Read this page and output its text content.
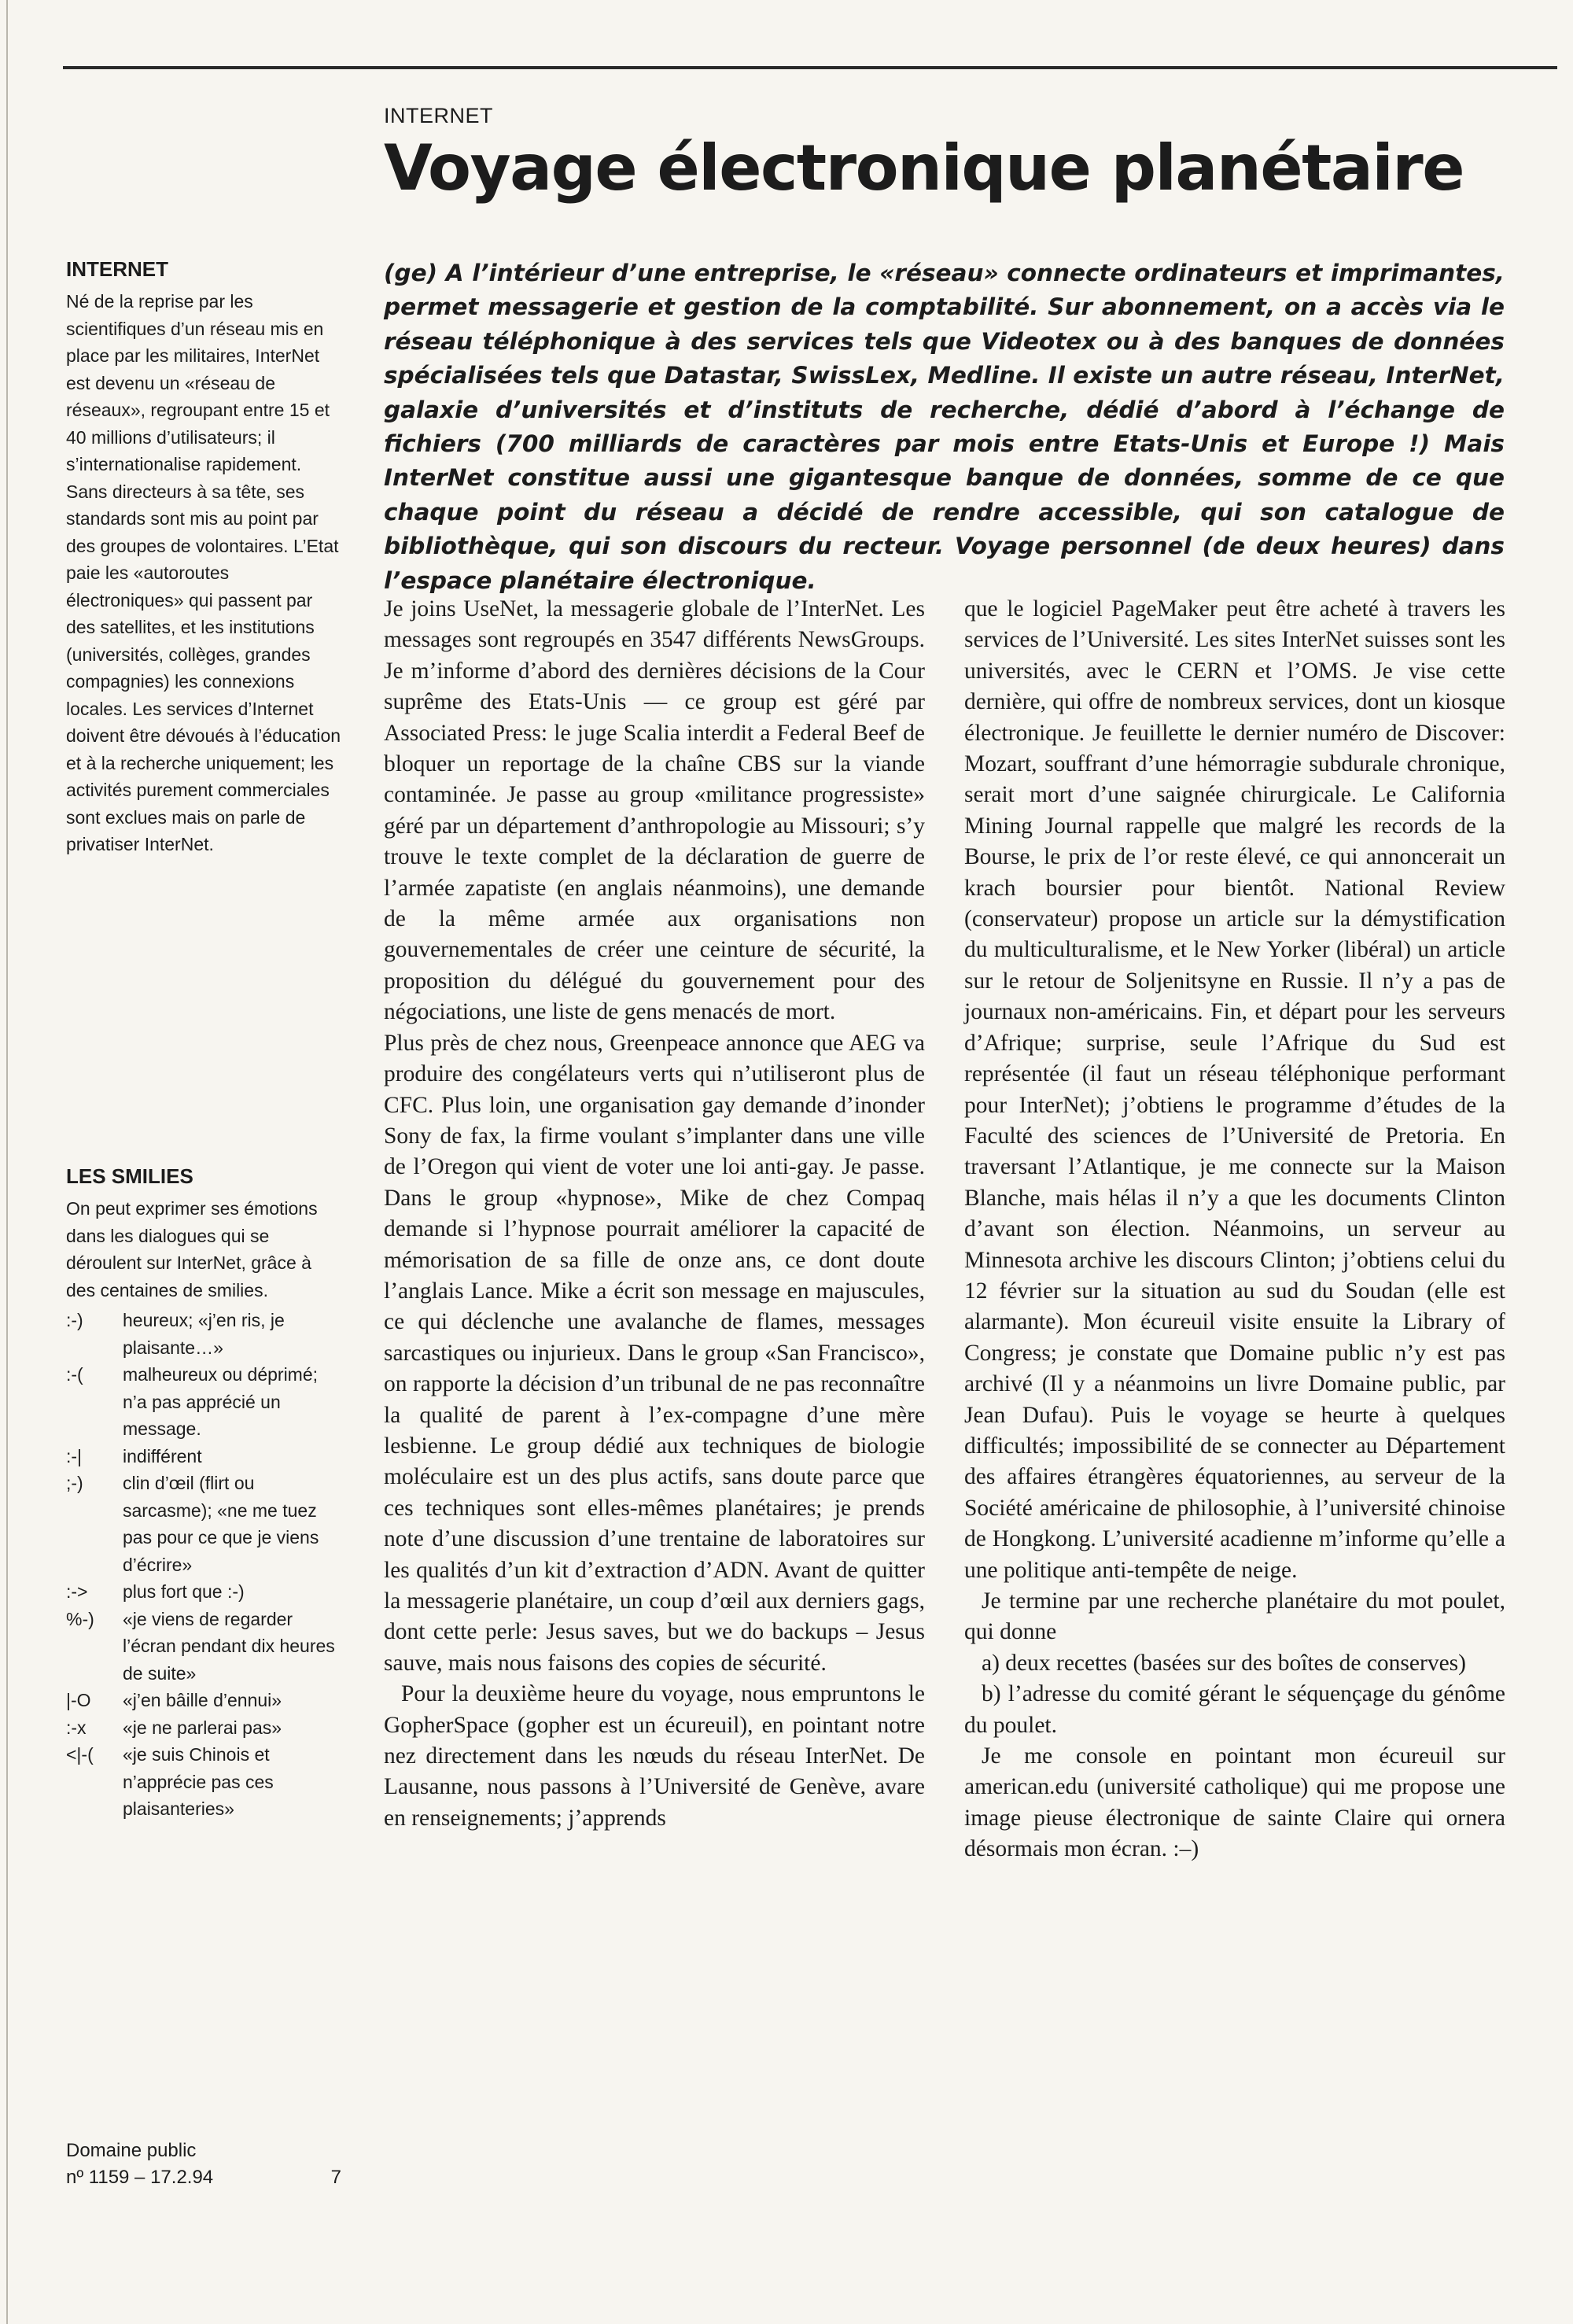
INTERNET
Voyage électronique planétaire

(ge) A l’intérieur d’une entreprise, le «réseau» connecte ordinateurs et imprimantes, permet messagerie et gestion de la comptabilité. Sur abonnement, on a accès via le réseau téléphonique à des services tels que Videotex ou à des banques de données spécialisées tels que Datastar, SwissLex, Medline. Il existe un autre réseau, InterNet, galaxie d’universités et d’instituts de recherche, dédié d’abord à l’échange de fichiers (700 milliards de caractères par mois entre Etats-Unis et Europe !) Mais InterNet constitue aussi une gigantesque banque de données, somme de ce que chaque point du réseau a décidé de rendre accessible, qui son catalogue de bibliothèque, qui son discours du recteur. Voyage personnel (de deux heures) dans l’espace planétaire électronique.

INTERNET

Né de la reprise par les scientifiques d’un réseau mis en place par les militaires, InterNet est devenu un «réseau de réseaux», regroupant entre 15 et 40 millions d’utilisateurs; il s’internationalise rapidement. Sans directeurs à sa tête, ses standards sont mis au point par des groupes de volontaires. L’Etat paie les «autoroutes électroniques» qui passent par des satellites, et les institutions (universités, collèges, grandes compagnies) les connexions locales. Les services d’Internet doivent être dévoués à l’éducation et à la recherche uniquement; les activités purement commerciales sont exclues mais on parle de privatiser InterNet.

LES SMILIES

On peut exprimer ses émotions dans les dialogues qui se déroulent sur InterNet, grâce à des centaines de smilies.

:-)	heureux; «j’en ris, je plaisante…»
:-(	malheureux ou déprimé; n’a pas apprécié un message.
:-|	indifférent
;-)	clin d’œil (flirt ou sarcasme); «ne me tuez pas pour ce que je viens d’écrire»
:->	plus fort que :-)
%-)	«je viens de regarder l’écran pendant dix heures de suite»
|-O	«j’en bâille d’ennui»
:-x	«je ne parlerai pas»
<|-(	«je suis Chinois et n’apprécie pas ces plaisanteries»
Domaine public
nº 1159 – 17.2.94	7

Je joins UseNet, la messagerie globale de l’InterNet. Les messages sont regroupés en 3547 différents NewsGroups. Je m’informe d’abord des dernières décisions de la Cour suprême des Etats-Unis — ce group est géré par Associated Press: le juge Scalia interdit a Federal Beef de bloquer un reportage de la chaîne CBS sur la viande contaminée. Je passe au group «militance progressiste» géré par un département d’anthropologie au Missouri; s’y trouve le texte complet de la déclaration de guerre de l’armée zapatiste (en anglais néanmoins), une demande de la même armée aux organisations non gouvernementales de créer une ceinture de sécurité, la proposition du délégué du gouvernement pour des négociations, une liste de gens menacés de mort.

Plus près de chez nous, Greenpeace annonce que AEG va produire des congélateurs verts qui n’utiliseront plus de CFC. Plus loin, une organisation gay demande d’inonder Sony de fax, la firme voulant s’implanter dans une ville de l’Oregon qui vient de voter une loi anti-gay. Je passe. Dans le group «hypnose», Mike de chez Compaq demande si l’hypnose pourrait améliorer la capacité de mémorisation de sa fille de onze ans, ce dont doute l’anglais Lance. Mike a écrit son message en majuscules, ce qui déclenche une avalanche de flames, messages sarcastiques ou injurieux. Dans le group «San Francisco», on rapporte la décision d’un tribunal de ne pas reconnaître la qualité de parent à l’ex-compagne d’une mère lesbienne. Le group dédié aux techniques de biologie moléculaire est un des plus actifs, sans doute parce que ces techniques sont elles-mêmes planétaires; je prends note d’une discussion d’une trentaine de laboratoires sur les qualités d’un kit d’extraction d’ADN. Avant de quitter la messagerie planétaire, un coup d’œil aux derniers gags, dont cette perle: Jesus saves, but we do backups – Jesus sauve, mais nous faisons des copies de sécurité.

Pour la deuxième heure du voyage, nous empruntons le GopherSpace (gopher est un écureuil), en pointant notre nez directement dans les nœuds du réseau InterNet. De Lausanne, nous passons à l’Université de Genève, avare en renseignements; j’apprends

que le logiciel PageMaker peut être acheté à travers les services de l’Université. Les sites InterNet suisses sont les universités, avec le CERN et l’OMS. Je vise cette dernière, qui offre de nombreux services, dont un kiosque électronique. Je feuillette le dernier numéro de Discover: Mozart, souffrant d’une hémorragie subdurale chronique, serait mort d’une saignée chirurgicale. Le California Mining Journal rappelle que malgré les records de la Bourse, le prix de l’or reste élevé, ce qui annoncerait un krach boursier pour bientôt. National Review (conservateur) propose un article sur la démystification du multiculturalisme, et le New Yorker (libéral) un article sur le retour de Soljenitsyne en Russie. Il n’y a pas de journaux non-américains. Fin, et départ pour les serveurs d’Afrique; surprise, seule l’Afrique du Sud est représentée (il faut un réseau téléphonique performant pour InterNet); j’obtiens le programme d’études de la Faculté des sciences de l’Université de Pretoria. En traversant l’Atlantique, je me connecte sur la Maison Blanche, mais hélas il n’y a que les documents Clinton d’avant son élection. Néanmoins, un serveur au Minnesota archive les discours Clinton; j’obtiens celui du 12 février sur la situation au sud du Soudan (elle est alarmante). Mon écureuil visite ensuite la Library of Congress; je constate que Domaine public n’y est pas archivé (Il y a néanmoins un livre Domaine public, par Jean Dufau). Puis le voyage se heurte à quelques difficultés; impossibilité de se connecter au Département des affaires étrangères équatoriennes, au serveur de la Société américaine de philosophie, à l’université chinoise de Hongkong. L’université acadienne m’informe qu’elle a une politique anti-tempête de neige.

Je termine par une recherche planétaire du mot poulet, qui donne

a) deux recettes (basées sur des boîtes de conserves)

b) l’adresse du comité gérant le séquençage du génôme du poulet.

Je me console en pointant mon écureuil sur american.edu (université catholique) qui me propose une image pieuse électronique de sainte Claire qui ornera désormais mon écran. :–)
